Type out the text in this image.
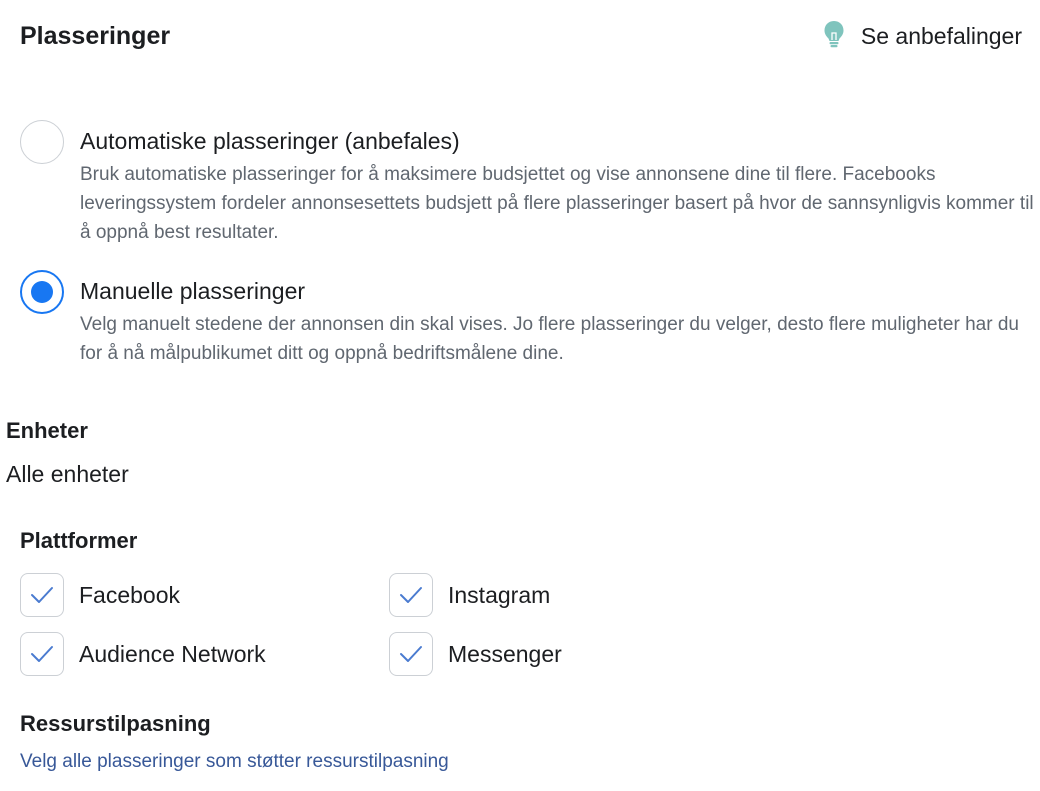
Plasseringer	Se anbefalinger
Automatiske plasseringer (anbefales)
Bruk automatiske plasseringer for å maksimere budsjettet og vise annonsene dine til flere. Facebooks leveringssystem fordeler annonsesettets budsjett på flere plasseringer basert på hvor de sannsynligvis kommer til å oppnå best resultater.
Manuelle plasseringer
Velg manuelt stedene der annonsen din skal vises. Jo flere plasseringer du velger, desto flere muligheter har du for å nå målpublikumet ditt og oppnå bedriftsmålene dine.
Enheter
Alle enheter
Plattformer
Facebook	Instagram
Audience Network	Messenger
Ressurstilpasning
Velg alle plasseringer som støtter ressurstilpasning
